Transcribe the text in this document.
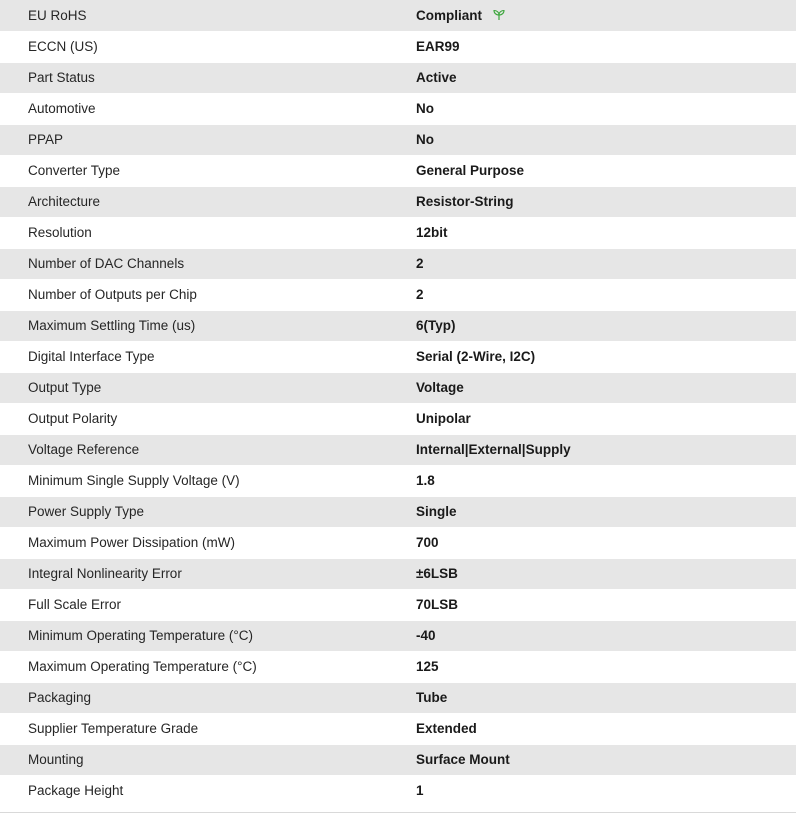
EU RoHS	Compliant
ECCN (US)	EAR99
Part Status	Active
Automotive	No
PPAP	No
Converter Type	General Purpose
Architecture	Resistor-String
Resolution	12bit
Number of DAC Channels	2
Number of Outputs per Chip	2
Maximum Settling Time (us)	6(Typ)
Digital Interface Type	Serial (2-Wire, I2C)
Output Type	Voltage
Output Polarity	Unipolar
Voltage Reference	Internal|External|Supply
Minimum Single Supply Voltage (V)	1.8
Power Supply Type	Single
Maximum Power Dissipation (mW)	700
Integral Nonlinearity Error	±6LSB
Full Scale Error	70LSB
Minimum Operating Temperature (°C)	-40
Maximum Operating Temperature (°C)	125
Packaging	Tube
Supplier Temperature Grade	Extended
Mounting	Surface Mount
Package Height	1
